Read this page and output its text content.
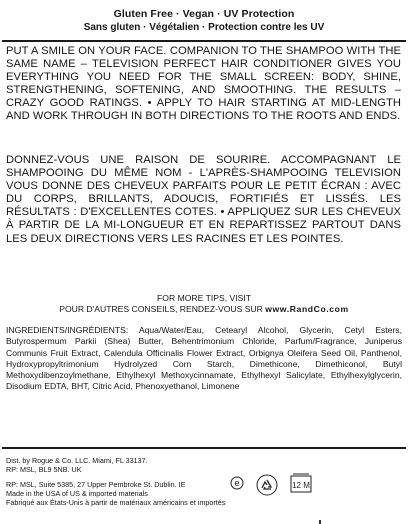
Gluten Free · Vegan · UV Protection
Sans gluten · Végétalien · Protection contre les UV

PUT A SMILE ON YOUR FACE. COMPANION TO THE SHAMPOO WITH THE SAME NAME – TELEVISION PERFECT HAIR CONDITIONER GIVES YOU EVERYTHING YOU NEED FOR THE SMALL SCREEN: BODY, SHINE, STRENGTHENING, SOFTENING, AND SMOOTHING. THE RESULTS – CRAZY GOOD RATINGS. • APPLY TO HAIR STARTING AT MID-LENGTH AND WORK THROUGH IN BOTH DIRECTIONS TO THE ROOTS AND ENDS.

DONNEZ-VOUS UNE RAISON DE SOURIRE. ACCOMPAGNANT LE SHAMPOOING DU MÊME NOM - L'APRÈS-SHAMPOOING TELEVISION VOUS DONNE DES CHEVEUX PARFAITS POUR LE PETIT ÉCRAN : AVEC DU CORPS, BRILLANTS, ADOUCIS, FORTIFIÉS ET LISSÉS. LES RÉSULTATS : D'EXCELLENTES COTES. • APPLIQUEZ SUR LES CHEVEUX À PARTIR DE LA MI-LONGUEUR ET EN REPARTISSEZ PARTOUT DANS LES DEUX DIRECTIONS VERS LES RACINES ET LES POINTES.

FOR MORE TIPS, VISIT
POUR D'AUTRES CONSEILS, RENDEZ-VOUS SUR www.RandCo.com

INGREDIENTS/INGRÉDIENTS: Aqua/Water/Eau, Cetearyl Alcohol, Glycerin, Cetyl Esters, Butyrospermum Parkii (Shea) Butter, Behentrimonium Chloride, Parfum/Fragrance, Juniperus Communis Fruit Extract, Calendula Officinalis Flower Extract, Orbignya Oleifera Seed Oil, Panthenol, Hydroxypropyltrimonium Hydrolyzed Corn Starch, Dimethicone, Dimethiconol, Butyl Methoxydibenzoylmethane, Ethylhexyl Methoxycinnamate, Ethylhexyl Salicylate, Ethylhexylglycerin, Disodium EDTA, BHT, Citric Acid, Phenoxyethanol, Limonene

Dist. by Rogue & Co. LLC. Miami, FL 33137.
RP: MSL, BL9 5NB. UK
RP: MSL, Suite 5385, 27 Upper Pembroke St. Dublin. IE
Made in the USA of US & imported materials
Fabriqué aux États-Unis à partir de matériaux américains et importés
e	12 M
